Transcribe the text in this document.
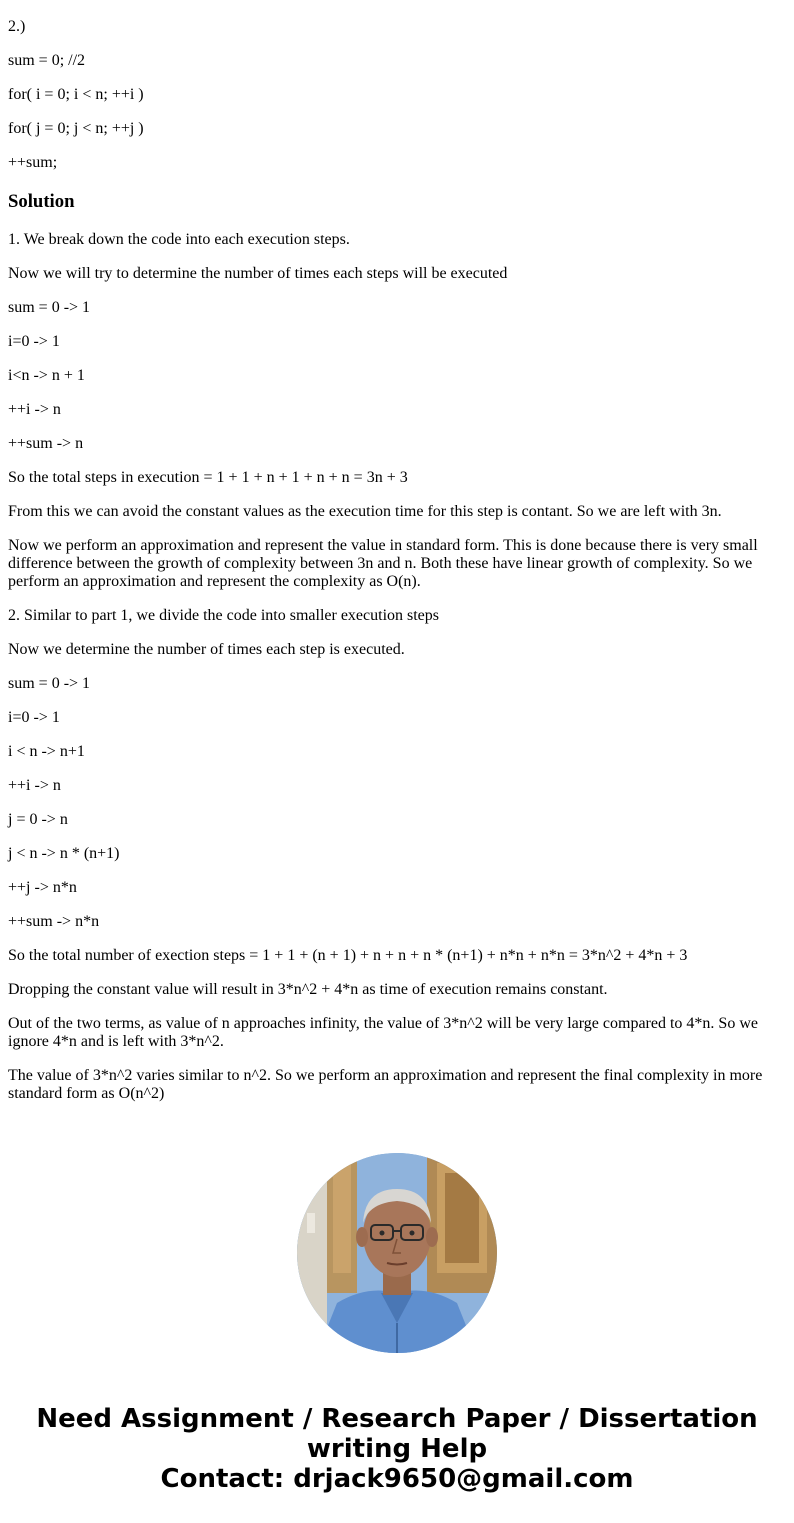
2.)

sum = 0; //2

for( i = 0; i < n; ++i )

for( j = 0; j < n; ++j )

++sum;

Solution

1. We break down the code into each execution steps.

Now we will try to determine the number of times each steps will be executed

sum = 0 -> 1

i=0 -> 1

i<n -> n + 1

++i -> n

++sum -> n

So the total steps in execution = 1 + 1 + n + 1 + n + n = 3n + 3

From this we can avoid the constant values as the execution time for this step is contant. So we are left with 3n.

Now we perform an approximation and represent the value in standard form. This is done because there is very small difference between the growth of complexity between 3n and n. Both these have linear growth of complexity. So we perform an approximation and represent the complexity as O(n).

2. Similar to part 1, we divide the code into smaller execution steps

Now we determine the number of times each step is executed.

sum = 0 -> 1

i=0 -> 1

i < n -> n+1

++i -> n

j = 0 -> n

j < n -> n * (n+1)

++j -> n*n

++sum -> n*n

So the total number of exection steps = 1 + 1 + (n + 1) + n + n + n * (n+1) + n*n + n*n = 3*n^2 + 4*n + 3

Dropping the constant value will result in 3*n^2 + 4*n as time of execution remains constant.

Out of the two terms, as value of n approaches infinity, the value of 3*n^2 will be very large compared to 4*n. So we ignore 4*n and is left with 3*n^2.

The value of 3*n^2 varies similar to n^2. So we perform an approximation and represent the final complexity in more standard form as O(n^2)

Need Assignment / Research Paper / Dissertation
writing Help
Contact: drjack9650@gmail.com
